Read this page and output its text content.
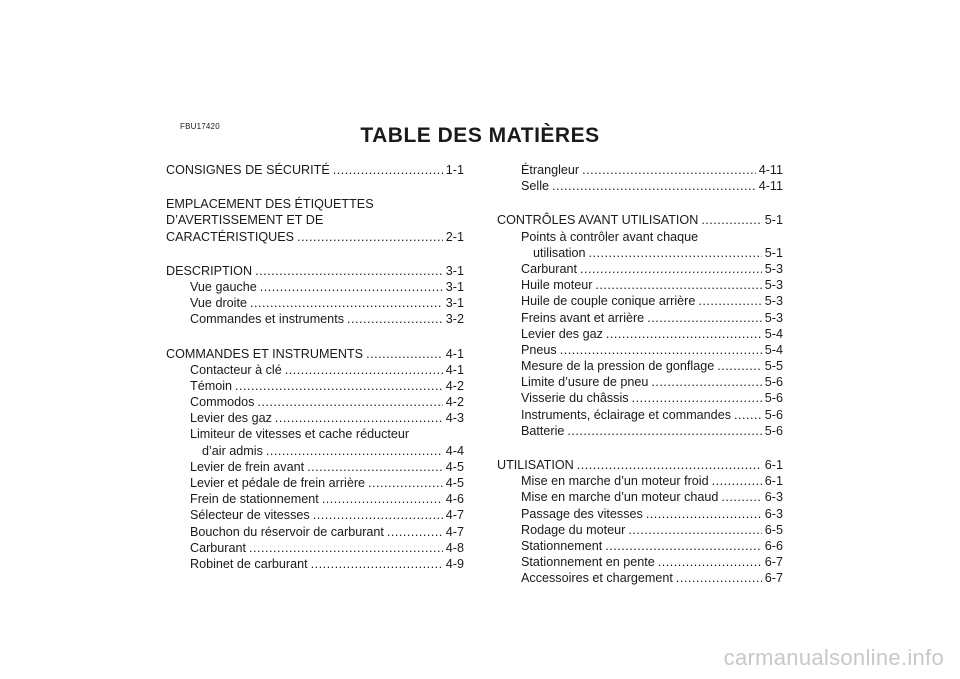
FBU17420	TABLE DES MATIÈRES
CONSIGNES DE SÉCURITÉ .....	1-1
EMPLACEMENT DES ÉTIQUETTES
D’AVERTISSEMENT ET DE
CARACTÉRISTIQUES .....	2-1
DESCRIPTION .....	3-1
Vue gauche .....	3-1
Vue droite .....	3-1
Commandes et instruments .....	3-2
COMMANDES ET INSTRUMENTS .....	4-1
Contacteur à clé .....	4-1
Témoin .....	4-2
Commodos .....	4-2
Levier des gaz .....	4-3
Limiteur de vitesses et cache réducteur
d’air admis .....	4-4
Levier de frein avant .....	4-5
Levier et pédale de frein arrière .....	4-5
Frein de stationnement .....	4-6
Sélecteur de vitesses .....	4-7
Bouchon du réservoir de carburant .....	4-7
Carburant .....	4-8
Robinet de carburant .....	4-9
Étrangleur .....	4-11
Selle .....	4-11
CONTRÔLES AVANT UTILISATION .....	5-1
Points à contrôler avant chaque
utilisation .....	5-1
Carburant .....	5-3
Huile moteur .....	5-3
Huile de couple conique arrière .....	5-3
Freins avant et arrière .....	5-3
Levier des gaz .....	5-4
Pneus .....	5-4
Mesure de la pression de gonflage .....	5-5
Limite d’usure de pneu .....	5-6
Visserie du châssis .....	5-6
Instruments, éclairage et commandes .....	5-6
Batterie .....	5-6
UTILISATION .....	6-1
Mise en marche d’un moteur froid .....	6-1
Mise en marche d’un moteur chaud .....	6-3
Passage des vitesses .....	6-3
Rodage du moteur .....	6-5
Stationnement .....	6-6
Stationnement en pente .....	6-7
Accessoires et chargement .....	6-7
carmanualsonline.info
